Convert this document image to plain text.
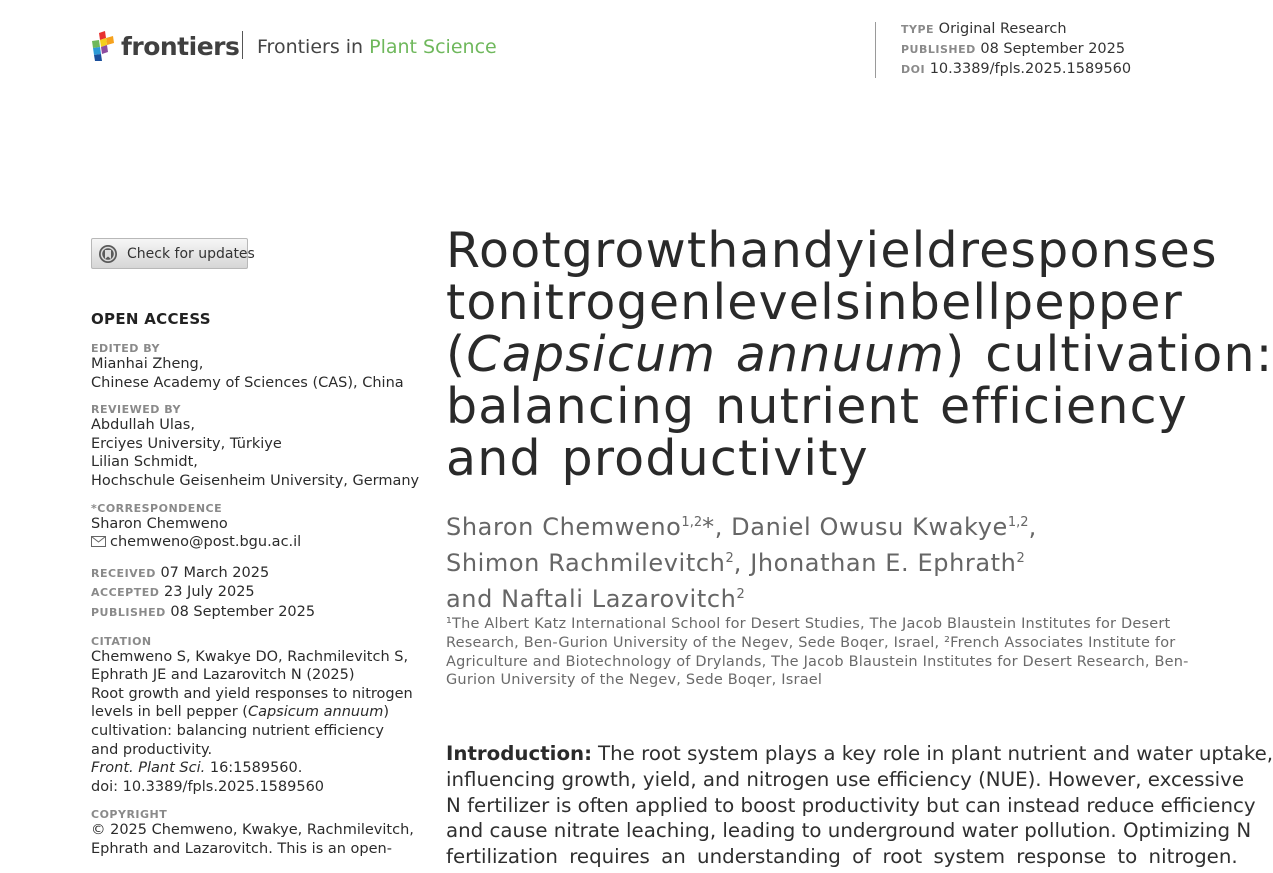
frontiers Frontiers in Plant Science
TYPE Original Research
PUBLISHED 08 September 2025
DOI 10.3389/fpls.2025.1589560
Check for updates
OPEN ACCESS
EDITED BY
Mianhai Zheng,
Chinese Academy of Sciences (CAS), China
REVIEWED BY
Abdullah Ulas,
Erciyes University, Türkiye
Lilian Schmidt,
Hochschule Geisenheim University, Germany
*CORRESPONDENCE
Sharon Chemweno
chemweno@post.bgu.ac.il
RECEIVED 07 March 2025
ACCEPTED 23 July 2025
PUBLISHED 08 September 2025
CITATION
Chemweno S, Kwakye DO, Rachmilevitch S,
Ephrath JE and Lazarovitch N (2025)
Root growth and yield responses to nitrogen
levels in bell pepper (Capsicum annuum)
cultivation: balancing nutrient efficiency
and productivity.
Front. Plant Sci. 16:1589560.
doi: 10.3389/fpls.2025.1589560
COPYRIGHT
© 2025 Chemweno, Kwakye, Rachmilevitch,
Ephrath and Lazarovitch. This is an open-
Root growth and yield responses
to nitrogen levels in bell pepper
(Capsicum annuum) cultivation:
balancing nutrient efficiency
and productivity
Sharon Chemweno$^{1,2}$*, Daniel Owusu Kwakye$^{1,2}$,
Shimon Rachmilevitch$^2$, Jhonathan E. Ephrath$^2$
and Naftali Lazarovitch$^2$
¹The Albert Katz International School for Desert Studies, The Jacob Blaustein Institutes for Desert
Research, Ben-Gurion University of the Negev, Sede Boqer, Israel, ²French Associates Institute for
Agriculture and Biotechnology of Drylands, The Jacob Blaustein Institutes for Desert Research, Ben-
Gurion University of the Negev, Sede Boqer, Israel
Introduction: The root system plays a key role in plant nutrient and water uptake,
influencing growth, yield, and nitrogen use efficiency (NUE). However, excessive
N fertilizer is often applied to boost productivity but can instead reduce efficiency
and cause nitrate leaching, leading to underground water pollution. Optimizing N
fertilization requires an understanding of root system response to nitrogen.
